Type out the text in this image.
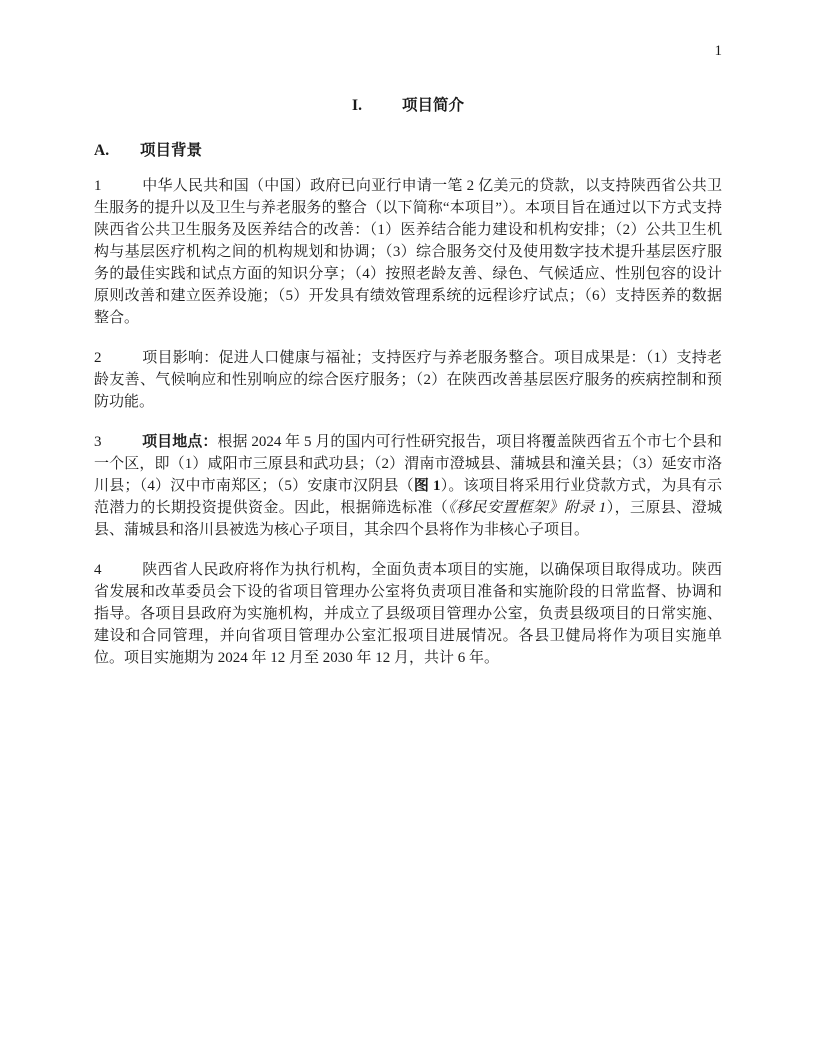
1
I.	项目简介
A. 项目背景
1	中华人民共和国（中国）政府已向亚行申请一笔 2 亿美元的贷款，以支持陕西省公共卫生服务的提升以及卫生与养老服务的整合（以下简称“本项目”）。本项目旨在通过以下方式支持陕西省公共卫生服务及医养结合的改善：（1）医养结合能力建设和机构安排；（2）公共卫生机构与基层医疗机构之间的机构规划和协调；（3）综合服务交付及使用数字技术提升基层医疗服务的最佳实践和试点方面的知识分享；（4）按照老龄友善、绿色、气候适应、性别包容的设计原则改善和建立医养设施；（5）开发具有绩效管理系统的远程诊疗试点；（6）支持医养的数据整合。
2	项目影响：促进人口健康与福祉；支持医疗与养老服务整合。项目成果是：（1）支持老龄友善、气候响应和性别响应的综合医疗服务；（2）在陕西改善基层医疗服务的疾病控制和预防功能。
3	项目地点：根据 2024 年 5 月的国内可行性研究报告，项目将覆盖陕西省五个市七个县和一个区，即（1）咸阳市三原县和武功县；（2）渭南市澄城县、蒲城县和潼关县；（3）延安市洛川县；（4）汉中市南郑区；（5）安康市汉阴县（图 1）。该项目将采用行业贷款方式，为具有示范潜力的长期投资提供资金。因此，根据筛选标准（《移民安置框架》附录 1），三原县、澄城县、蒲城县和洛川县被选为核心子项目，其余四个县将作为非核心子项目。
4	陕西省人民政府将作为执行机构，全面负责本项目的实施，以确保项目取得成功。陕西省发展和改革委员会下设的省项目管理办公室将负责项目准备和实施阶段的日常监督、协调和指导。各项目县政府为实施机构，并成立了县级项目管理办公室，负责县级项目的日常实施、建设和合同管理，并向省项目管理办公室汇报项目进展情况。各县卫健局将作为项目实施单位。项目实施期为 2024 年 12 月至 2030 年 12 月，共计 6 年。
